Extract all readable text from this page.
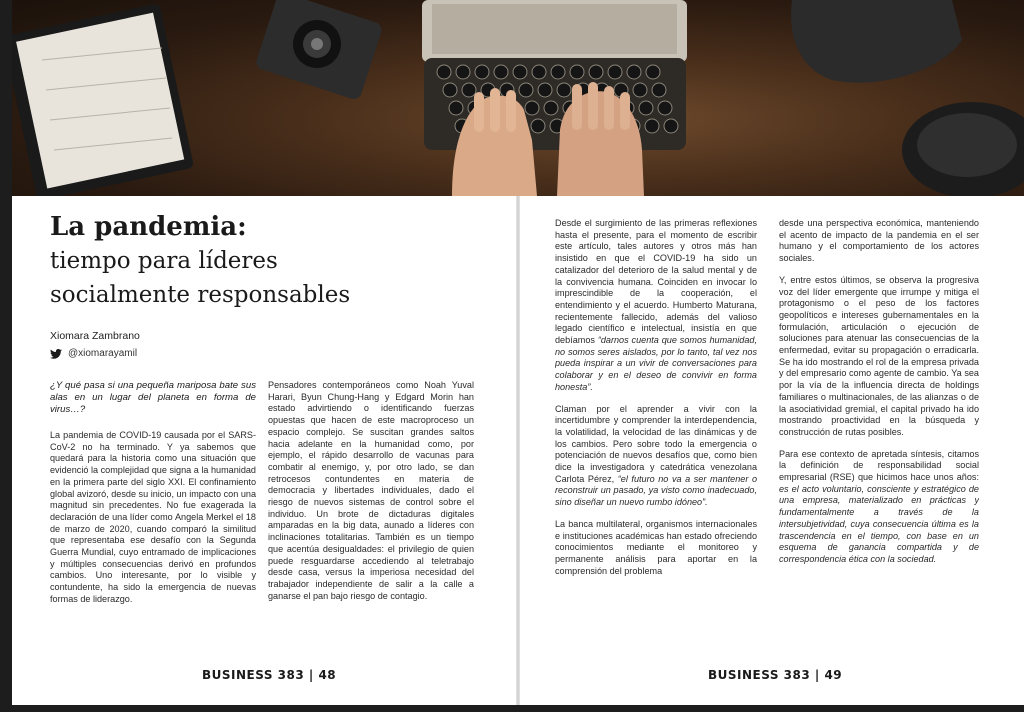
La pandemia:
tiempo para líderes
socialmente responsables
Xiomara Zambrano
@xiomarayamil

¿Y qué pasa si una pequeña mariposa bate sus alas en un lugar del planeta en forma de virus…?

La pandemia de COVID-19 causada por el SARS-CoV-2 no ha terminado. Y ya sabemos que quedará para la historia como una situación que evidenció la complejidad que signa a la humanidad en la primera parte del siglo XXI. El confinamiento global avizoró, desde su inicio, un impacto con una magnitud sin precedentes. No fue exagerada la declaración de una líder como Angela Merkel el 18 de marzo de 2020, cuando comparó la similitud que representaba ese desafío con la Segunda Guerra Mundial, cuyo entramado de implicaciones y múltiples consecuencias derivó en profundos cambios. Uno interesante, por lo visible y contundente, ha sido la emergencia de nuevas formas de liderazgo.

Pensadores contemporáneos como Noah Yuval Harari, Byun Chung-Hang y Edgard Morin han estado advirtiendo o identificando fuerzas opuestas que hacen de este macroproceso un espacio complejo. Se suscitan grandes saltos hacia adelante en la humanidad como, por ejemplo, el rápido desarrollo de vacunas para combatir al enemigo, y, por otro lado, se dan retrocesos contundentes en materia de democracia y libertades individuales, dado el riesgo de nuevos sistemas de control sobre el individuo. Un brote de dictaduras digitales amparadas en la big data, aunado a líderes con inclinaciones totalitarias. También es un tiempo que acentúa desigualdades: el privilegio de quien puede resguardarse accediendo al teletrabajo desde casa, versus la imperiosa necesidad del trabajador independiente de salir a la calle a ganarse el pan bajo riesgo de contagio.

Desde el surgimiento de las primeras reflexiones hasta el presente, para el momento de escribir este artículo, tales autores y otros más han insistido en que el COVID-19 ha sido un catalizador del deterioro de la salud mental y de la convivencia humana. Coinciden en invocar lo imprescindible de la cooperación, el entendimiento y el acuerdo. Humberto Maturana, recientemente fallecido, además del valioso legado científico e intelectual, insistía en que debíamos “darnos cuenta que somos humanidad, no somos seres aislados, por lo tanto, tal vez nos pueda inspirar a un vivir de conversaciones para colaborar y en el deseo de convivir en forma honesta”.

Claman por el aprender a vivir con la incertidumbre y comprender la interdependencia, la volatilidad, la velocidad de las dinámicas y de los cambios. Pero sobre todo la emergencia o potenciación de nuevos desafíos que, como bien dice la investigadora y catedrática venezolana Carlota Pérez, “el futuro no va a ser mantener o reconstruir un pasado, ya visto como inadecuado, sino diseñar un nuevo rumbo idóneo”.

La banca multilateral, organismos internacionales e instituciones académicas han estado ofreciendo conocimientos mediante el monitoreo y permanente análisis para aportar en la comprensión del problema

desde una perspectiva económica, manteniendo el acento de impacto de la pandemia en el ser humano y el comportamiento de los actores sociales.

Y, entre estos últimos, se observa la progresiva voz del líder emergente que irrumpe y mitiga el protagonismo o el peso de los factores geopolíticos e intereses gubernamentales en la formulación, articulación o ejecución de soluciones para atenuar las consecuencias de la enfermedad, evitar su propagación o erradicarla. Se ha ido mostrando el rol de la empresa privada y del empresario como agente de cambio. Ya sea por la vía de la influencia directa de holdings familiares o multinacionales, de las alianzas o de la asociatividad gremial, el capital privado ha ido mostrando proactividad en la búsqueda y construcción de rutas posibles.

Para ese contexto de apretada síntesis, citamos la definición de responsabilidad social empresarial (RSE) que hicimos hace unos años: es el acto voluntario, consciente y estratégico de una empresa, materializado en prácticas y fundamentalmente a través de la intersubjetividad, cuya consecuencia última es la trascendencia en el tiempo, con base en un esquema de ganancia compartida y de correspondencia ética con la sociedad.

BUSINESS 383 | 48	BUSINESS 383 | 49
